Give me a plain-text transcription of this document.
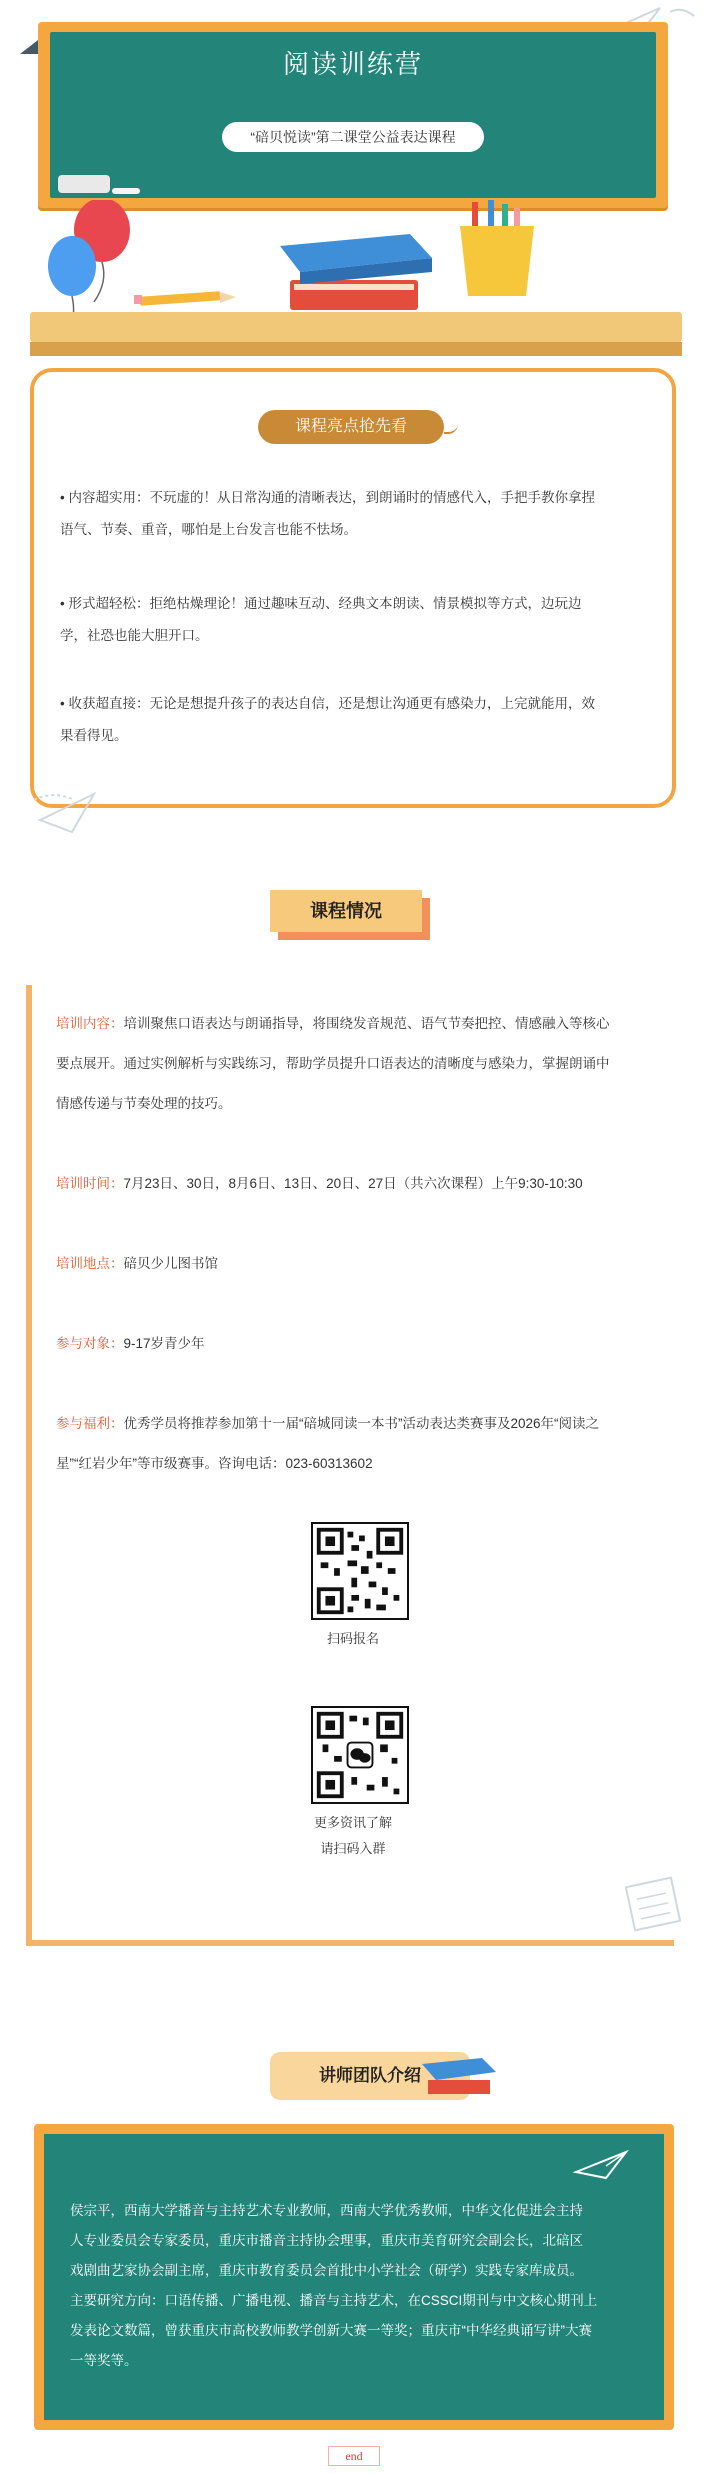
阅读训练营
“碚贝悦读”第二课堂公益表达课程
课程亮点抢先看
• 内容超实用：不玩虚的！从日常沟通的清晰表达，到朗诵时的情感代入，手把手教你拿捏
语气、节奏、重音，哪怕是上台发言也能不怯场。
• 形式超轻松：拒绝枯燥理论！通过趣味互动、经典文本朗读、情景模拟等方式，边玩边
学，社恐也能大胆开口。
• 收获超直接：无论是想提升孩子的表达自信，还是想让沟通更有感染力，上完就能用，效
果看得见。
课程情况
培训内容：培训聚焦口语表达与朗诵指导，将围绕发音规范、语气节奏把控、情感融入等核心
要点展开。通过实例解析与实践练习，帮助学员提升口语表达的清晰度与感染力，掌握朗诵中
情感传递与节奏处理的技巧。
培训时间：7月23日、30日，8月6日、13日、20日、27日（共六次课程）上午9:30-10:30
培训地点：碚贝少儿图书馆
参与对象：9-17岁青少年
参与福利：优秀学员将推荐参加第十一届“碚城同读一本书”活动表达类赛事及2026年“阅读之
星”“红岩少年”等市级赛事。咨询电话：023-60313602
扫码报名
更多资讯了解
请扫码入群
讲师团队介绍
侯宗平，西南大学播音与主持艺术专业教师，西南大学优秀教师，中华文化促进会主持
人专业委员会专家委员，重庆市播音主持协会理事，重庆市美育研究会副会长，北碚区
戏剧曲艺家协会副主席，重庆市教育委员会首批中小学社会（研学）实践专家库成员。
主要研究方向：口语传播、广播电视、播音与主持艺术，在CSSCI期刊与中文核心期刊上
发表论文数篇，曾获重庆市高校教师教学创新大赛一等奖；重庆市“中华经典诵写讲”大赛
一等奖等。
end
